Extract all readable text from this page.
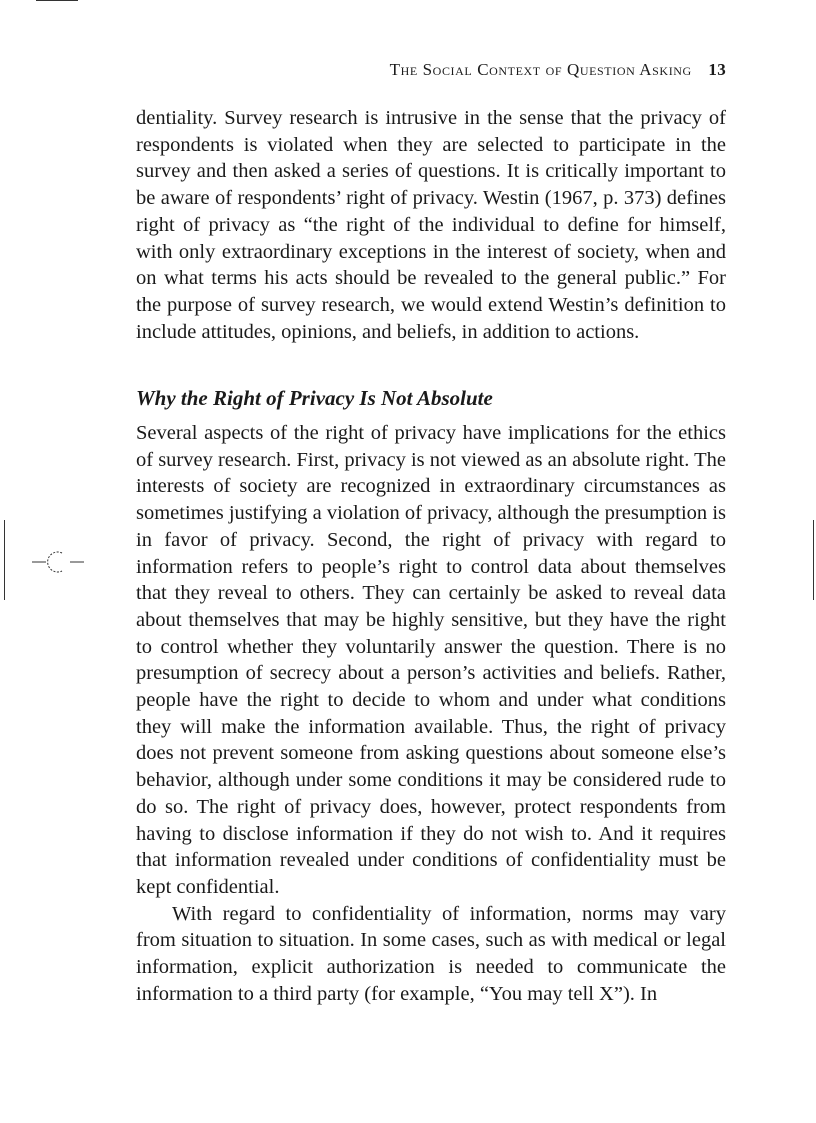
The Social Context of Question Asking 13

dentiality. Survey research is intrusive in the sense that the privacy of respondents is violated when they are selected to participate in the survey and then asked a series of questions. It is critically important to be aware of respondents’ right of privacy. Westin (1967, p. 373) defines right of privacy as “the right of the individual to define for himself, with only extraordinary exceptions in the interest of society, when and on what terms his acts should be revealed to the general public.” For the purpose of survey research, we would extend Westin’s definition to include attitudes, opinions, and beliefs, in addition to actions.

Why the Right of Privacy Is Not Absolute

Several aspects of the right of privacy have implications for the ethics of survey research. First, privacy is not viewed as an absolute right. The interests of society are recognized in extraordinary circumstances as sometimes justifying a violation of privacy, although the presumption is in favor of privacy. Second, the right of privacy with regard to information refers to people’s right to control data about themselves that they reveal to others. They can certainly be asked to reveal data about themselves that may be highly sensitive, but they have the right to control whether they voluntarily answer the question. There is no presumption of secrecy about a person’s activities and beliefs. Rather, people have the right to decide to whom and under what conditions they will make the information available. Thus, the right of privacy does not prevent someone from asking questions about someone else’s behavior, although under some conditions it may be considered rude to do so. The right of privacy does, however, protect respondents from having to disclose information if they do not wish to. And it requires that information revealed under conditions of confidentiality must be kept confidential.

With regard to confidentiality of information, norms may vary from situation to situation. In some cases, such as with medical or legal information, explicit authorization is needed to communicate the information to a third party (for example, “You may tell X”). In
